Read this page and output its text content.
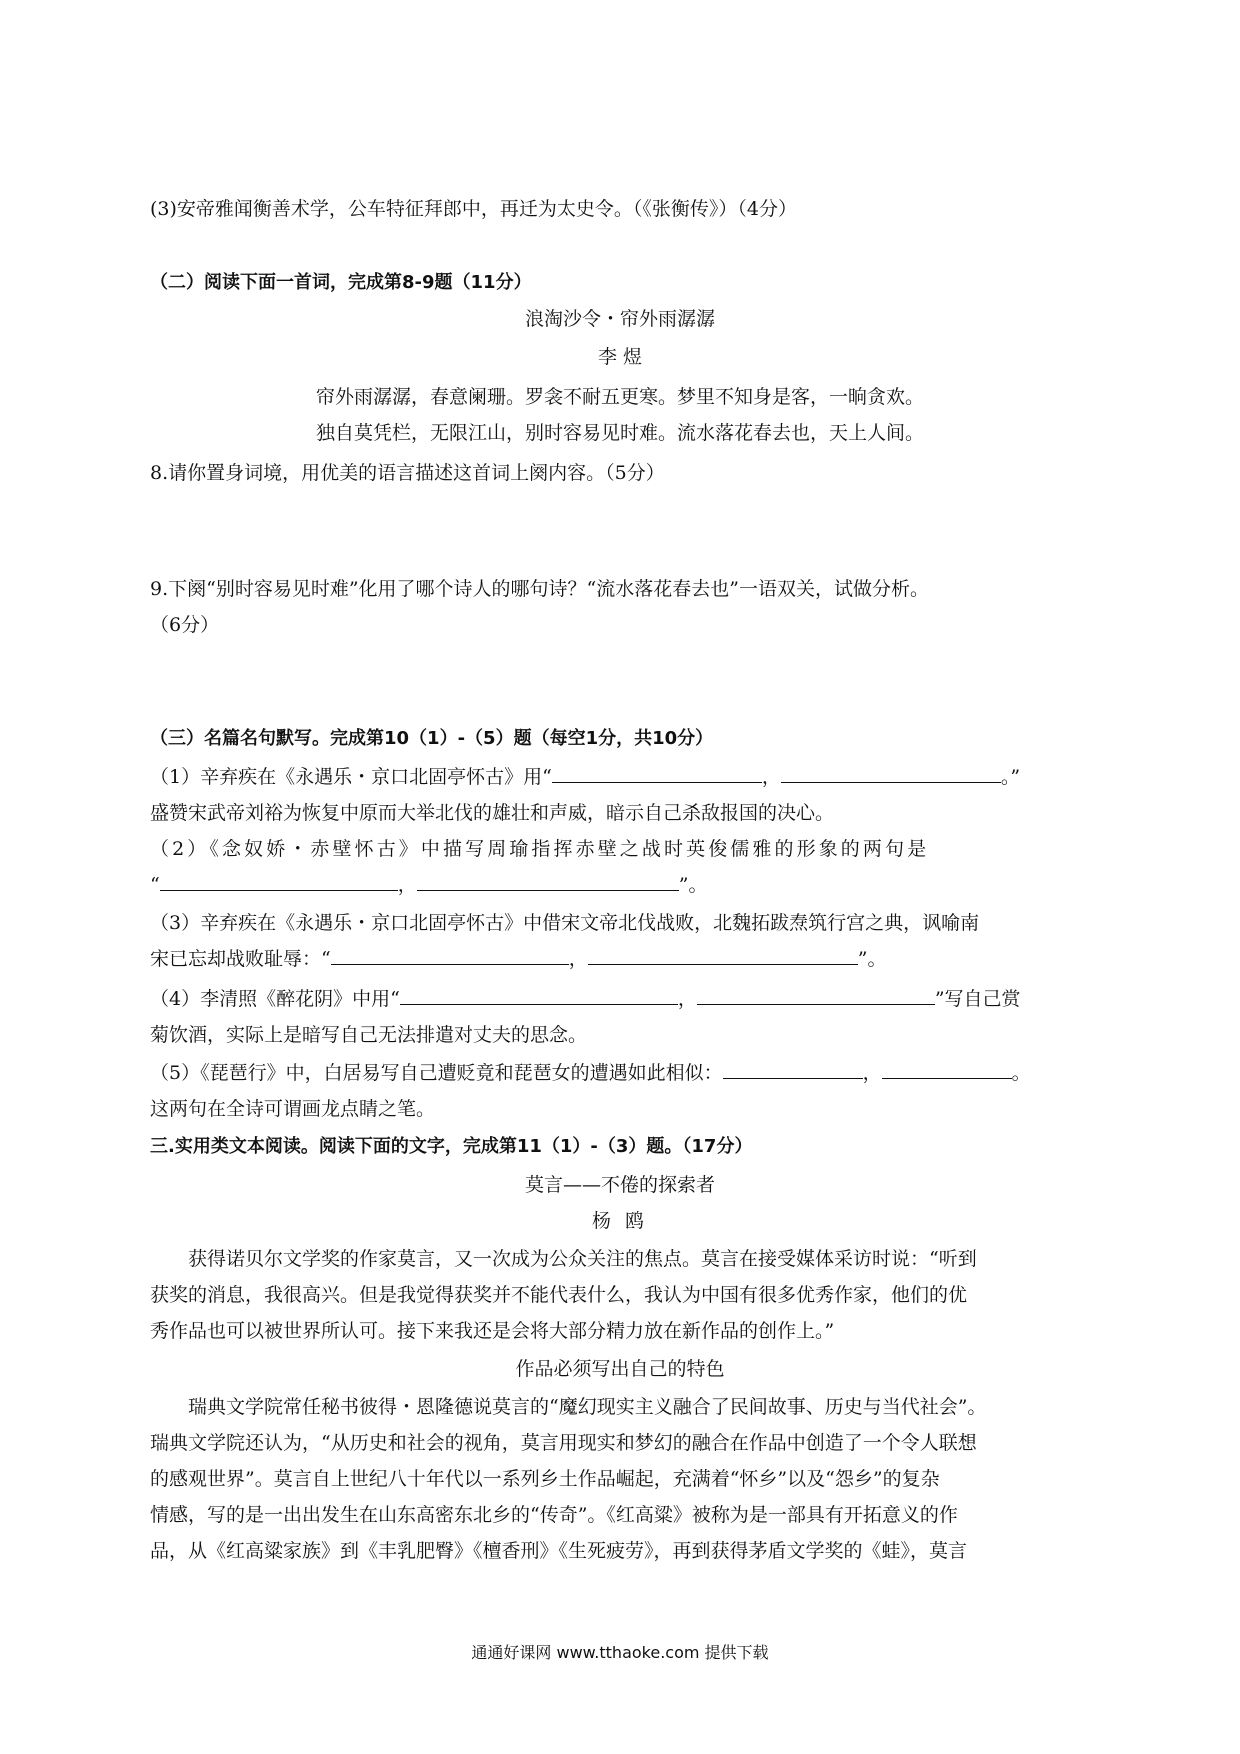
(3)安帝雅闻衡善术学，公车特征拜郎中，再迁为太史令。（《张衡传》）（4分）
（二）阅读下面一首词，完成第8-9题（11分）
浪淘沙令・帘外雨潺潺
李 煜
帘外雨潺潺，春意阑珊。罗衾不耐五更寒。梦里不知身是客，一晌贪欢。
独自莫凭栏，无限江山，别时容易见时难。流水落花春去也，天上人间。
8.请你置身词境，用优美的语言描述这首词上阕内容。（5分）
9.下阕“别时容易见时难”化用了哪个诗人的哪句诗？“流水落花春去也”一语双关，试做分析。
（6分）
（三）名篇名句默写。完成第10（1）-（5）题（每空1分，共10分）
（1）辛弃疾在《永遇乐・京口北固亭怀古》用“	，	。”
盛赞宋武帝刘裕为恢复中原而大举北伐的雄壮和声威，暗示自己杀敌报国的决心。
（2）《念奴娇・赤壁怀古》中描写周瑜指挥赤壁之战时英俊儒雅的形象的两句是
“	，	”。
（3）辛弃疾在《永遇乐・京口北固亭怀古》中借宋文帝北伐战败，北魏拓跋焘筑行宫之典，讽喻南
宋已忘却战败耻辱：“	，	”。
（4）李清照《醉花阴》中用“	，	”写自己赏
菊饮酒，实际上是暗写自己无法排遣对丈夫的思念。
（5）《琵琶行》中，白居易写自己遭贬竟和琵琶女的遭遇如此相似：	，	。
这两句在全诗可谓画龙点睛之笔。
三.实用类文本阅读。阅读下面的文字，完成第11（1）-（3）题。（17分）
莫言——不倦的探索者
杨 鸥
获得诺贝尔文学奖的作家莫言，又一次成为公众关注的焦点。莫言在接受媒体采访时说：“听到
获奖的消息，我很高兴。但是我觉得获奖并不能代表什么，我认为中国有很多优秀作家，他们的优
秀作品也可以被世界所认可。接下来我还是会将大部分精力放在新作品的创作上。”
作品必须写出自己的特色
瑞典文学院常任秘书彼得・恩隆德说莫言的“魔幻现实主义融合了民间故事、历史与当代社会”。
瑞典文学院还认为，“从历史和社会的视角，莫言用现实和梦幻的融合在作品中创造了一个令人联想
的感观世界”。莫言自上世纪八十年代以一系列乡土作品崛起，充满着“怀乡”以及“怨乡”的复杂
情感，写的是一出出发生在山东高密东北乡的“传奇”。《红高粱》被称为是一部具有开拓意义的作
品，从《红高粱家族》到《丰乳肥臀》《檀香刑》《生死疲劳》，再到获得茅盾文学奖的《蛙》，莫言
通通好课网 www.tthaoke.com 提供下载
